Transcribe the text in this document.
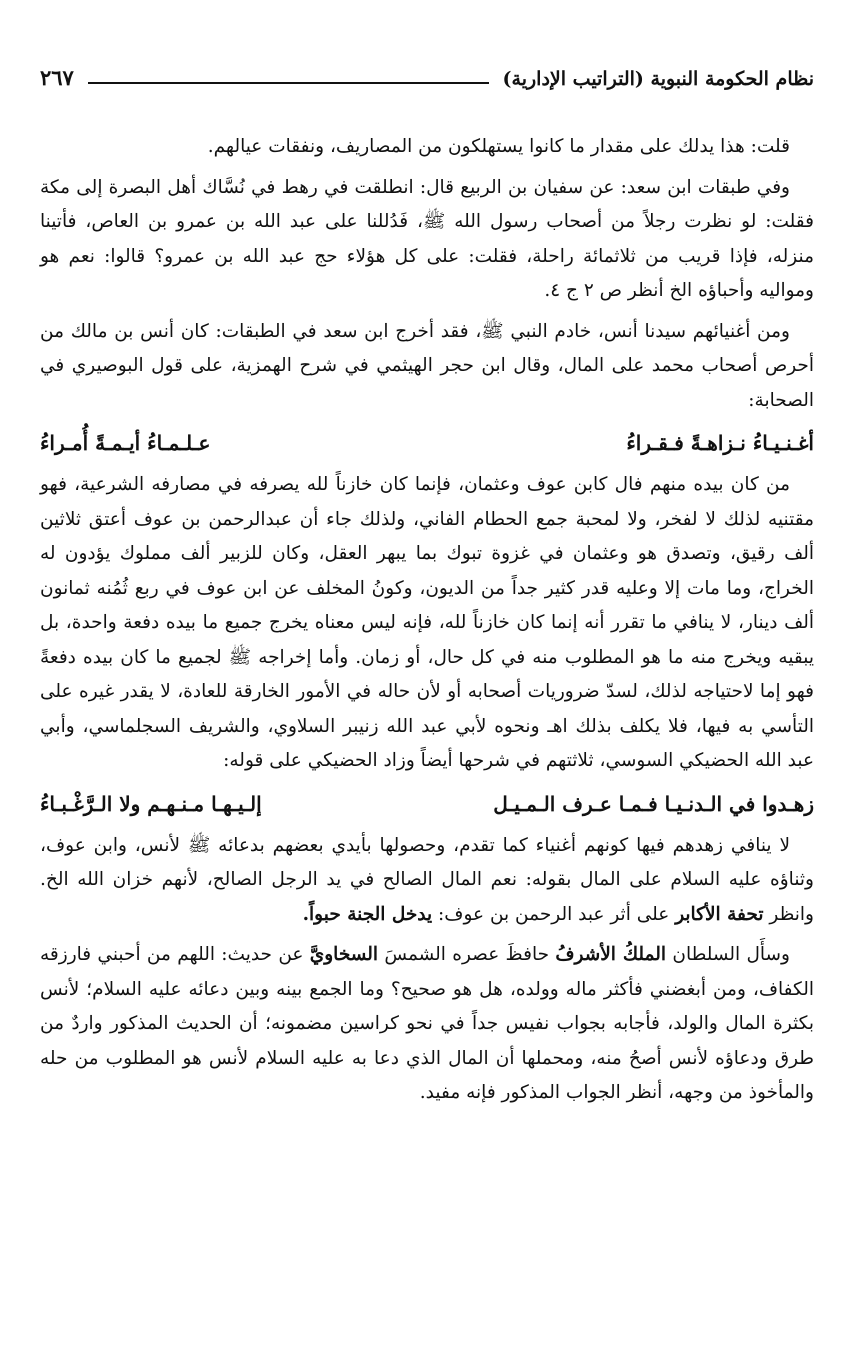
نظام الحكومة النبوية (التراتيب الإدارية)
٢٦٧

قلت: هذا يدلك على مقدار ما كانوا يستهلكون من المصاريف، ونفقات عيالهم.

وفي طبقات ابن سعد: عن سفيان بن الربيع قال: انطلقت في رهط في نُسَّاك أهل البصرة إلى مكة فقلت: لو نظرت رجلاً من أصحاب رسول الله ﷺ، فَدُللنا على عبد الله بن عمرو بن العاص، فأتينا منزله، فإذا قريب من ثلاثمائة راحلة، فقلت: على كل هؤلاء حج عبد الله بن عمرو؟ قالوا: نعم هو ومواليه وأحباؤه الخ أنظر ص ٢ ج ٤.

ومن أغنيائهم سيدنا أنس، خادم النبي ﷺ، فقد أخرج ابن سعد في الطبقات: كان أنس بن مالك من أحرص أصحاب محمد على المال، وقال ابن حجر الهيثمي في شرح الهمزية، على قول البوصيري في الصحابة:

أغـنـيـاءُ نـزاهـةً فـقـراءُ
عـلـمـاءُ أيـمـةً أُمـراءُ

من كان بيده منهم فال كابن عوف وعثمان، فإنما كان خازناً لله يصرفه في مصارفه الشرعية، فهو مقتنيه لذلك لا لفخر، ولا لمحبة جمع الحطام الفاني، ولذلك جاء أن عبدالرحمن بن عوف أعتق ثلاثين ألف رقيق، وتصدق هو وعثمان في غزوة تبوك بما يبهر العقل، وكان للزبير ألف مملوك يؤدون له الخراج، وما مات إلا وعليه قدر كثير جداً من الديون، وكونُ المخلف عن ابن عوف في ربع ثُمُنه ثمانون ألف دينار، لا ينافي ما تقرر أنه إنما كان خازناً لله، فإنه ليس معناه يخرج جميع ما بيده دفعة واحدة، بل يبقيه ويخرج منه ما هو المطلوب منه في كل حال، أو زمان. وأما إخراجه ﷺ لجميع ما كان بيده دفعةً فهو إما لاحتياجه لذلك، لسدّ ضروريات أصحابه أو لأن حاله في الأمور الخارقة للعادة، لا يقدر غيره على التأسي به فيها، فلا يكلف بذلك اهـ ونحوه لأبي عبد الله زنيبر السلاوي، والشريف السجلماسي، وأبي عبد الله الحضيكي السوسي، ثلاثتهم في شرحها أيضاً وزاد الحضيكي على قوله:

زهـدوا في الـدنـيـا فـمـا عـرف الـمـيـل
إلـيـهـا مـنـهـم ولا الـرَّغْـبـاءُ

لا ينافي زهدهم فيها كونهم أغنياء كما تقدم، وحصولها بأيدي بعضهم بدعائه ﷺ لأنس، وابن عوف، وثناؤه عليه السلام على المال بقوله: نعم المال الصالح في يد الرجل الصالح، لأنهم خزان الله الخ. وانظر تحفة الأكابر على أثر عبد الرحمن بن عوف: يدخل الجنة حبواً.

وسأَل السلطان الملكُ الأشرفُ حافظَ عصره الشمسَ السخاويَّ عن حديث: اللهم من أحبني فارزقه الكفاف، ومن أبغضني فأكثر ماله وولده، هل هو صحيح؟ وما الجمع بينه وبين دعائه عليه السلام؛ لأنس بكثرة المال والولد، فأجابه بجواب نفيس جداً في نحو كراسين مضمونه؛ أن الحديث المذكور واردٌ من طرق ودعاؤه لأنس أصحُ منه، ومحملها أن المال الذي دعا به عليه السلام لأنس هو المطلوب من حله والمأخوذ من وجهه، أنظر الجواب المذكور فإنه مفيد.
